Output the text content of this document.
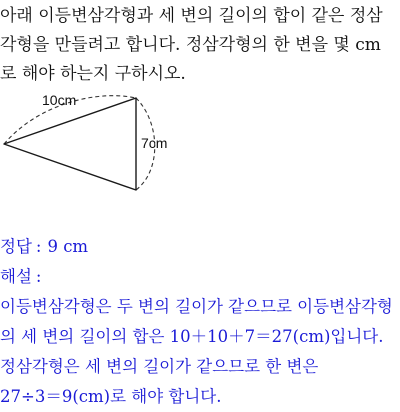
아래 이등변삼각형과 세 변의 길이의 합이 같은 정삼
각형을 만들려고 합니다. 정삼각형의 한 변을 몇 cm
로 해야 하는지 구하시오.
10cm
7cm
정답 : 9 cm
해설 :
이등변삼각형은 두 변의 길이가 같으므로 이등변삼각형
의 세 변의 길이의 합은 10＋10＋7＝27(cm)입니다.
정삼각형은 세 변의 길이가 같으므로 한 변은
27÷3＝9(cm)로 해야 합니다.
